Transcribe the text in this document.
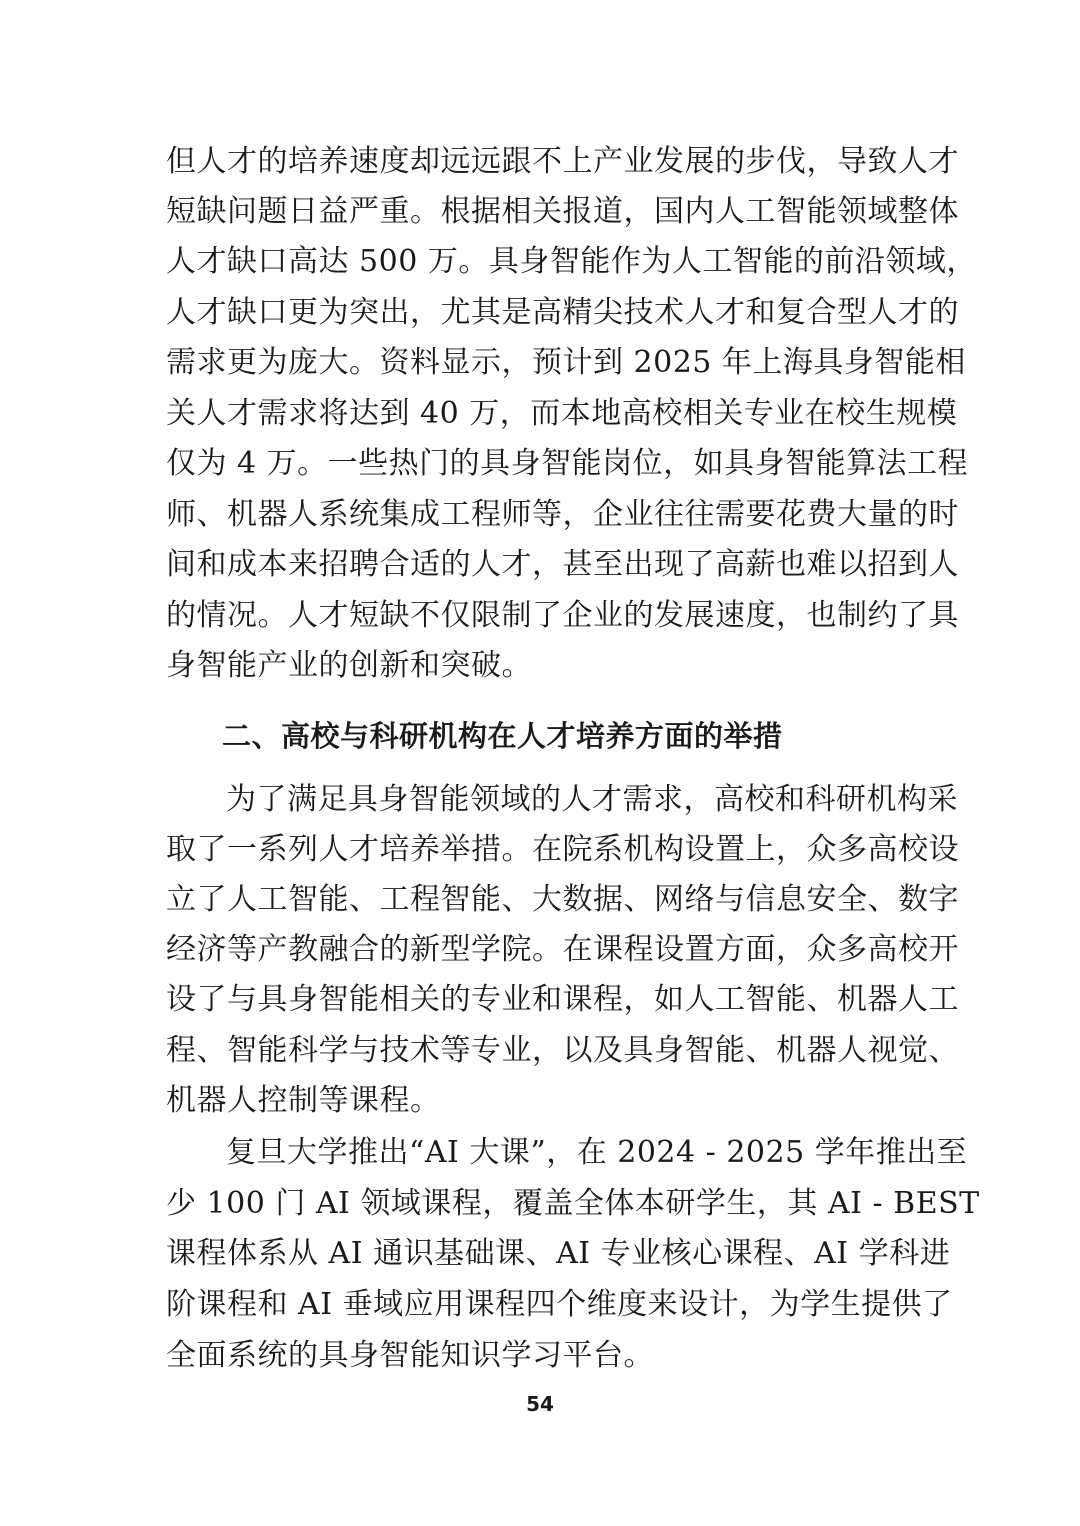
但人才的培养速度却远远跟不上产业发展的步伐，导致人才
短缺问题日益严重。根据相关报道，国内人工智能领域整体
人才缺口高达 500 万。具身智能作为人工智能的前沿领域，
人才缺口更为突出，尤其是高精尖技术人才和复合型人才的
需求更为庞大。资料显示，预计到 2025 年上海具身智能相
关人才需求将达到 40 万，而本地高校相关专业在校生规模
仅为 4 万。一些热门的具身智能岗位，如具身智能算法工程
师、机器人系统集成工程师等，企业往往需要花费大量的时
间和成本来招聘合适的人才，甚至出现了高薪也难以招到人
的情况。人才短缺不仅限制了企业的发展速度，也制约了具
身智能产业的创新和突破。
二、高校与科研机构在人才培养方面的举措
为了满足具身智能领域的人才需求，高校和科研机构采
取了一系列人才培养举措。在院系机构设置上，众多高校设
立了人工智能、工程智能、大数据、网络与信息安全、数字
经济等产教融合的新型学院。在课程设置方面，众多高校开
设了与具身智能相关的专业和课程，如人工智能、机器人工
程、智能科学与技术等专业，以及具身智能、机器人视觉、
机器人控制等课程。
复旦大学推出“AI 大课”，在 2024 - 2025 学年推出至
少 100 门 AI 领域课程，覆盖全体本研学生，其 AI - BEST
课程体系从 AI 通识基础课、AI 专业核心课程、AI 学科进
阶课程和 AI 垂域应用课程四个维度来设计，为学生提供了
全面系统的具身智能知识学习平台。
54
